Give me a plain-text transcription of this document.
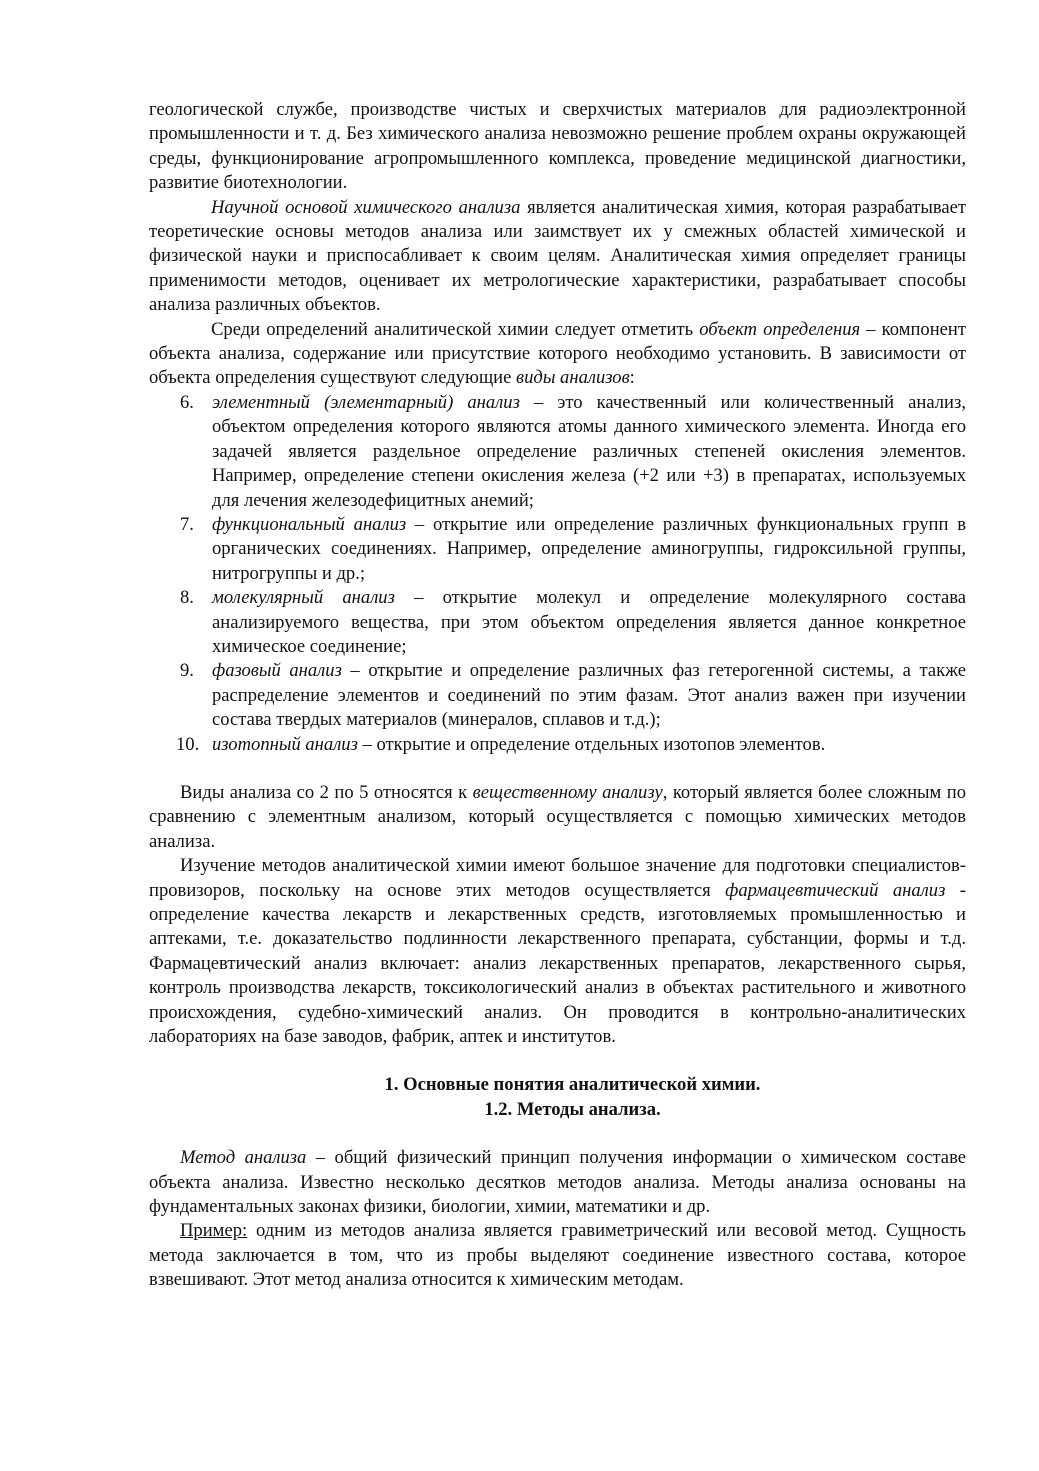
геологической службе, производстве чистых и сверхчистых материалов для радиоэлектронной промышленности и т. д. Без химического анализа невозможно решение проблем охраны окружающей среды, функционирование агропромышленного комплекса, проведение медицинской диагностики, развитие биотехнологии.

Научной основой химического анализа является аналитическая химия, которая разрабатывает теоретические основы методов анализа или заимствует их у смежных областей химической и физической науки и приспосабливает к своим целям. Аналитическая химия определяет границы применимости методов, оценивает их метрологические характеристики, разрабатывает способы анализа различных объектов.

Среди определений аналитической химии следует отметить объект определения – компонент объекта анализа, содержание или присутствие которого необходимо установить. В зависимости от объекта определения существуют следующие виды анализов:

6. элементный (элементарный) анализ – это качественный или количественный анализ, объектом определения которого являются атомы данного химического элемента. Иногда его задачей является раздельное определение различных степеней окисления элементов. Например, определение степени окисления железа (+2 или +3) в препаратах, используемых для лечения железодефицитных анемий;
7. функциональный анализ – открытие или определение различных функциональных групп в органических соединениях. Например, определение аминогруппы, гидроксильной группы, нитрогруппы и др.;
8. молекулярный анализ – открытие молекул и определение молекулярного состава анализируемого вещества, при этом объектом определения является данное конкретное химическое соединение;
9. фазовый анализ – открытие и определение различных фаз гетерогенной системы, а также распределение элементов и соединений по этим фазам. Этот анализ важен при изучении состава твердых материалов (минералов, сплавов и т.д.);
10. изотопный анализ – открытие и определение отдельных изотопов элементов.

Виды анализа со 2 по 5 относятся к вещественному анализу, который является более сложным по сравнению с элементным анализом, который осуществляется с помощью химических методов анализа.

Изучение методов аналитической химии имеют большое значение для подготовки специалистов-провизоров, поскольку на основе этих методов осуществляется фармацевтический анализ - определение качества лекарств и лекарственных средств, изготовляемых промышленностью и аптеками, т.е. доказательство подлинности лекарственного препарата, субстанции, формы и т.д. Фармацевтический анализ включает: анализ лекарственных препаратов, лекарственного сырья, контроль производства лекарств, токсикологический анализ в объектах растительного и животного происхождения, судебно-химический анализ. Он проводится в контрольно-аналитических лабораториях на базе заводов, фабрик, аптек и институтов.

1. Основные понятия аналитической химии.

1.2. Методы анализа.

Метод анализа – общий физический принцип получения информации о химическом составе объекта анализа. Известно несколько десятков методов анализа. Методы анализа основаны на фундаментальных законах физики, биологии, химии, математики и др.

Пример: одним из методов анализа является гравиметрический или весовой метод. Сущность метода заключается в том, что из пробы выделяют соединение известного состава, которое взвешивают. Этот метод анализа относится к химическим методам.
